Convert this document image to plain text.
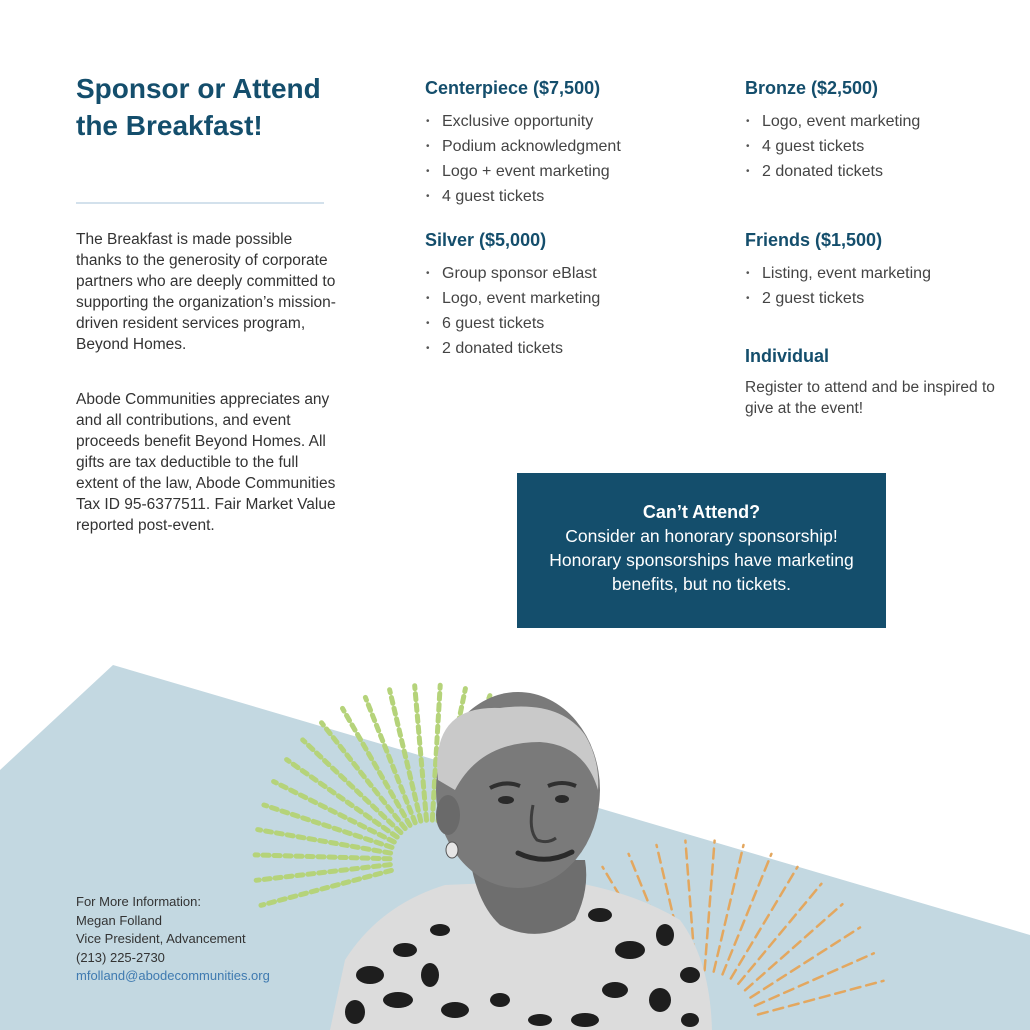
Sponsor or Attend the Breakfast!

The Breakfast is made possible thanks to the generosity of corporate partners who are deeply committed to supporting the organization’s mission-driven resident services program, Beyond Homes.

Abode Communities appreciates any and all contributions, and event proceeds benefit Beyond Homes. All gifts are tax deductible to the full extent of the law, Abode Communities Tax ID 95-6377511. Fair Market Value reported post-event.

Centerpiece ($7,500)
• Exclusive opportunity
• Podium acknowledgment
• Logo + event marketing
• 4 guest tickets
Silver ($5,000)
• Group sponsor eBlast
• Logo, event marketing
• 6 guest tickets
• 2 donated tickets
Bronze ($2,500)
• Logo, event marketing
• 4 guest tickets
• 2 donated tickets
Friends ($1,500)
• Listing, event marketing
• 2 guest tickets
Individual

Register to attend and be inspired to give at the event!

Can’t Attend?
Consider an honorary sponsorship! Honorary sponsorships have marketing benefits, but no tickets.
For More Information:
Megan Folland
Vice President, Advancement
(213) 225-2730
mfolland@abodecommunities.org
